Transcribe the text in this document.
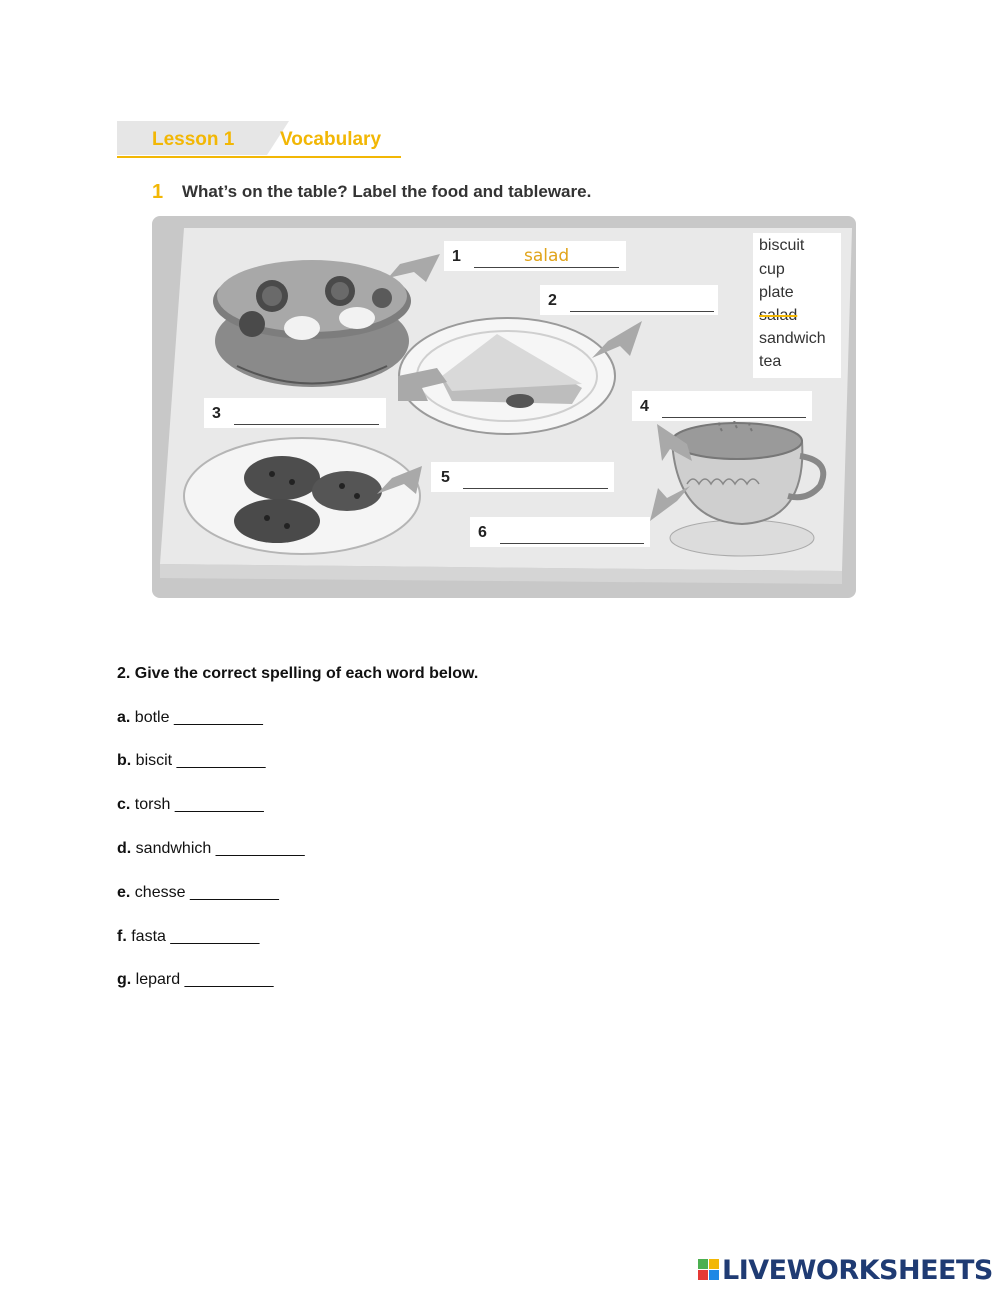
Lesson 1 Vocabulary
1 What’s on the table? Label the food and tableware.
1	salad
2
3	4
5
6
biscuit
cup
plate
salad
sandwich
tea
2. Give the correct spelling of each word below.
a. botle __________
b. biscit __________
c. torsh __________
d. sandwhich __________
e. chesse __________
f. fasta __________
g. lepard __________
LIVEWORKSHEETS
